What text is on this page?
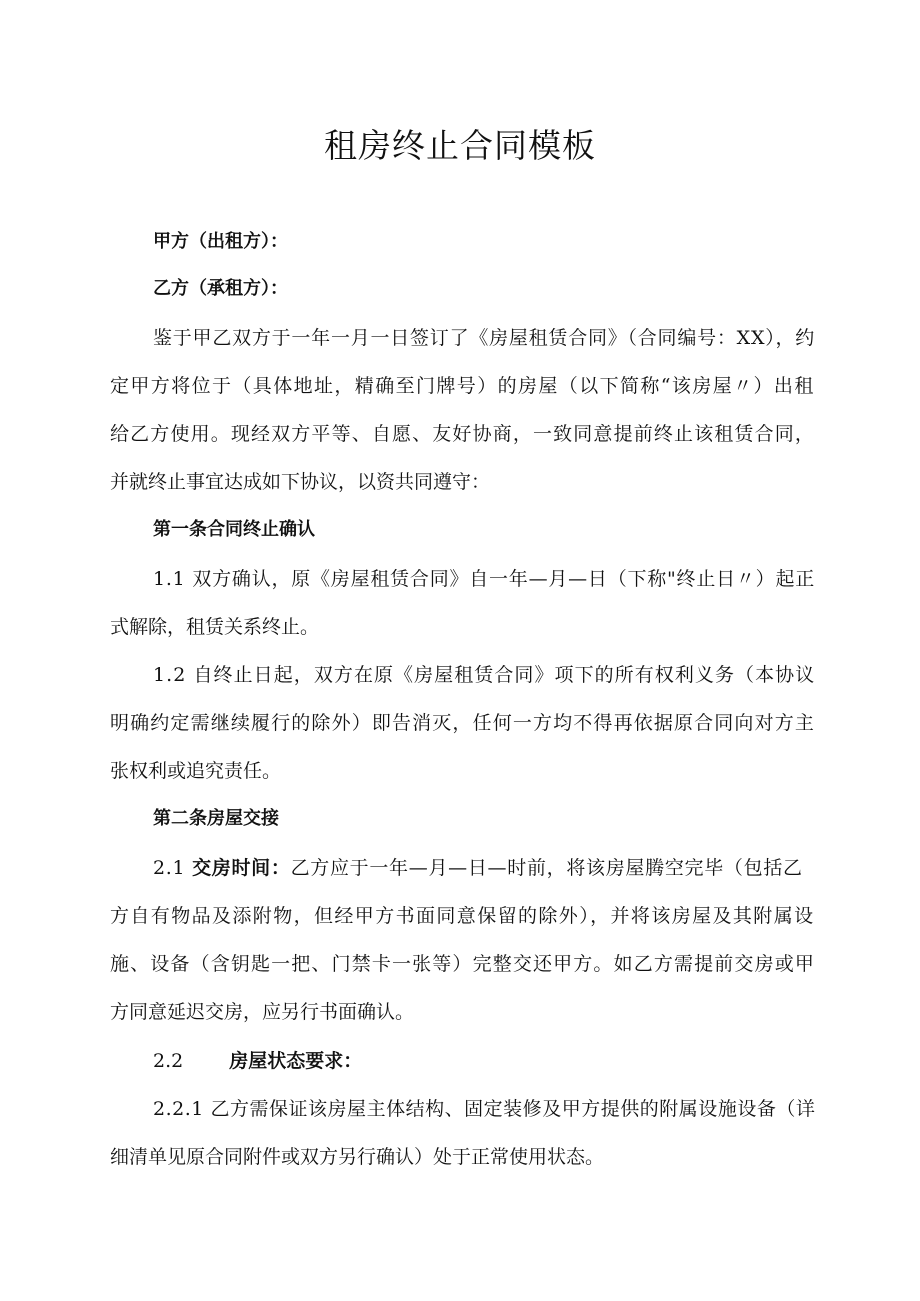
租房终止合同模板
甲方（出租方）：
乙方（承租方）：
鉴于甲乙双方于一年一月一日签订了《房屋租赁合同》（合同编号：XX），约
定甲方将位于（具体地址，精确至门牌号）的房屋（以下简称“该房屋〃）出租
给乙方使用。现经双方平等、自愿、友好协商，一致同意提前终止该租赁合同，
并就终止事宜达成如下协议，以资共同遵守：
第一条合同终止确认
1.1 双方确认，原《房屋租赁合同》自一年—月—日（下称"终止日〃）起正
式解除，租赁关系终止。
1.2 自终止日起，双方在原《房屋租赁合同》项下的所有权利义务（本协议
明确约定需继续履行的除外）即告消灭，任何一方均不得再依据原合同向对方主
张权利或追究责任。
第二条房屋交接
2.1 交房时间：乙方应于一年—月—日—时前，将该房屋腾空完毕（包括乙
方自有物品及添附物，但经甲方书面同意保留的除外），并将该房屋及其附属设
施、设备（含钥匙一把、门禁卡一张等）完整交还甲方。如乙方需提前交房或甲
方同意延迟交房，应另行书面确认。
2.2 房屋状态要求：
2.2.1 乙方需保证该房屋主体结构、固定装修及甲方提供的附属设施设备（详
细清单见原合同附件或双方另行确认）处于正常使用状态。
